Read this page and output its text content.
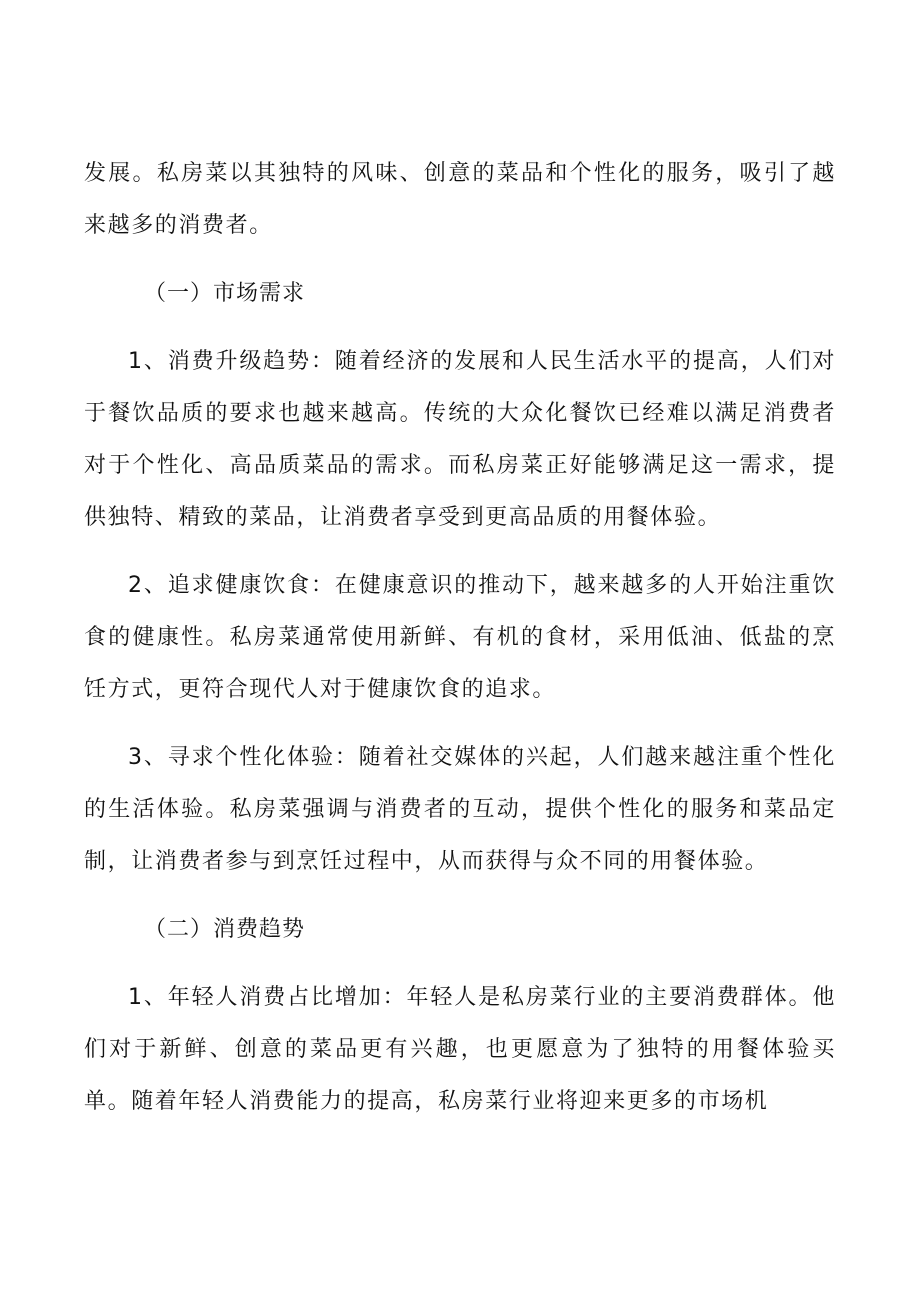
发展。私房菜以其独特的风味、创意的菜品和个性化的服务，吸引了越来越多的消费者。

（一）市场需求

1、消费升级趋势：随着经济的发展和人民生活水平的提高，人们对于餐饮品质的要求也越来越高。传统的大众化餐饮已经难以满足消费者对于个性化、高品质菜品的需求。而私房菜正好能够满足这一需求，提供独特、精致的菜品，让消费者享受到更高品质的用餐体验。

2、追求健康饮食：在健康意识的推动下，越来越多的人开始注重饮食的健康性。私房菜通常使用新鲜、有机的食材，采用低油、低盐的烹饪方式，更符合现代人对于健康饮食的追求。

3、寻求个性化体验：随着社交媒体的兴起，人们越来越注重个性化的生活体验。私房菜强调与消费者的互动，提供个性化的服务和菜品定制，让消费者参与到烹饪过程中，从而获得与众不同的用餐体验。

（二）消费趋势

1、年轻人消费占比增加：年轻人是私房菜行业的主要消费群体。他们对于新鲜、创意的菜品更有兴趣，也更愿意为了独特的用餐体验买单。随着年轻人消费能力的提高，私房菜行业将迎来更多的市场机
